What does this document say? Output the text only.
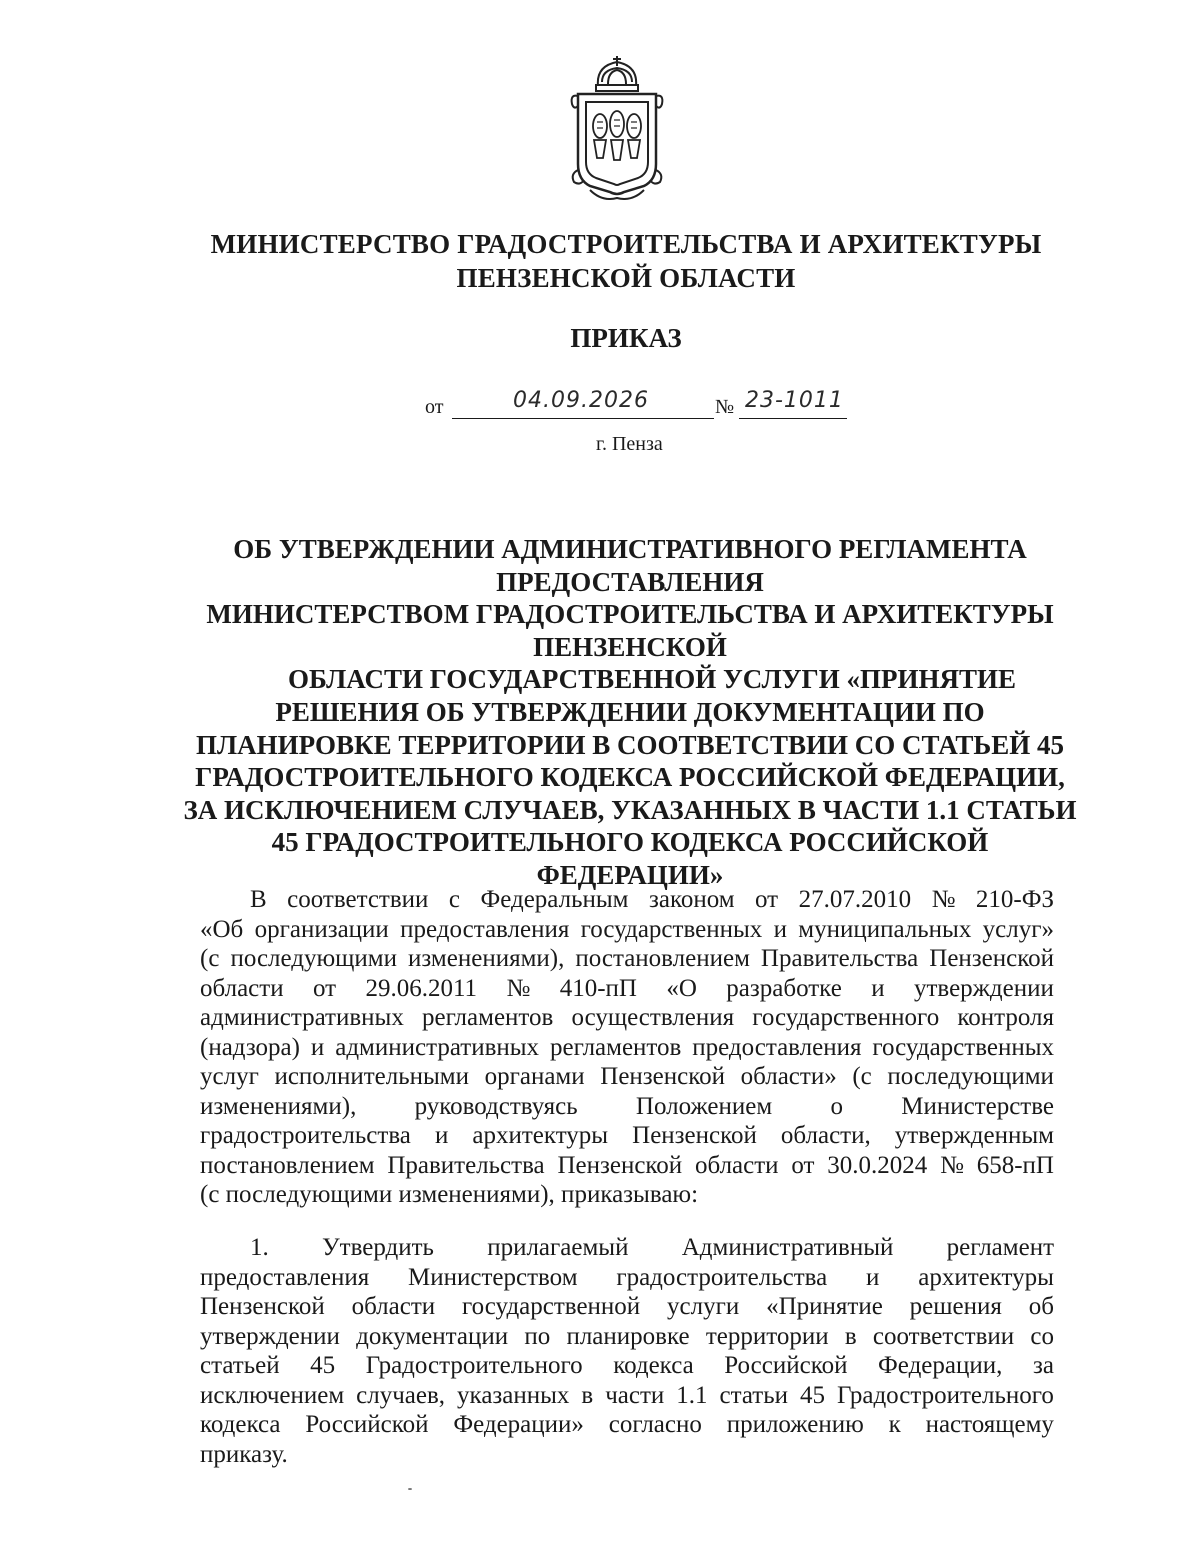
МИНИСТЕРСТВО ГРАДОСТРОИТЕЛЬСТВА И АРХИТЕКТУРЫ
ПЕНЗЕНСКОЙ ОБЛАСТИ
ПРИКАЗ
от	04.09.2026	№ 23-1011
г. Пенза
ОБ УТВЕРЖДЕНИИ АДМИНИСТРАТИВНОГО РЕГЛАМЕНТА
ПРЕДОСТАВЛЕНИЯ
МИНИСТЕРСТВОМ ГРАДОСТРОИТЕЛЬСТВА И АРХИТЕКТУРЫ
ПЕНЗЕНСКОЙ
ОБЛАСТИ ГОСУДАРСТВЕННОЙ УСЛУГИ «ПРИНЯТИЕ
РЕШЕНИЯ ОБ УТВЕРЖДЕНИИ ДОКУМЕНТАЦИИ ПО
ПЛАНИРОВКЕ ТЕРРИТОРИИ В СООТВЕТСТВИИ СО СТАТЬЕЙ 45
ГРАДОСТРОИТЕЛЬНОГО КОДЕКСА РОССИЙСКОЙ ФЕДЕРАЦИИ,
ЗА ИСКЛЮЧЕНИЕМ СЛУЧАЕВ, УКАЗАННЫХ В ЧАСТИ 1.1 СТАТЬИ
45 ГРАДОСТРОИТЕЛЬНОГО КОДЕКСА РОССИЙСКОЙ
ФЕДЕРАЦИИ»
В соответствии с Федеральным законом от 27.07.2010 № 210-ФЗ
«Об организации предоставления государственных и муниципальных услуг»
(с последующими изменениями), постановлением Правительства Пензенской
области от 29.06.2011 № 410-пП «О разработке и утверждении
административных регламентов осуществления государственного контроля
(надзора) и административных регламентов предоставления государственных
услуг исполнительными органами Пензенской области» (с последующими
изменениями), руководствуясь Положением о Министерстве
градостроительства и архитектуры Пензенской области, утвержденным
постановлением Правительства Пензенской области от 30.0.2024 № 658-пП
(с последующими изменениями), приказываю:
1. Утвердить прилагаемый Административный регламент
предоставления Министерством градостроительства и архитектуры
Пензенской области государственной услуги «Принятие решения об
утверждении документации по планировке территории в соответствии со
статьей 45 Градостроительного кодекса Российской Федерации, за
исключением случаев, указанных в части 1.1 статьи 45 Градостроительного
кодекса Российской Федерации» согласно приложению к настоящему
приказу.
